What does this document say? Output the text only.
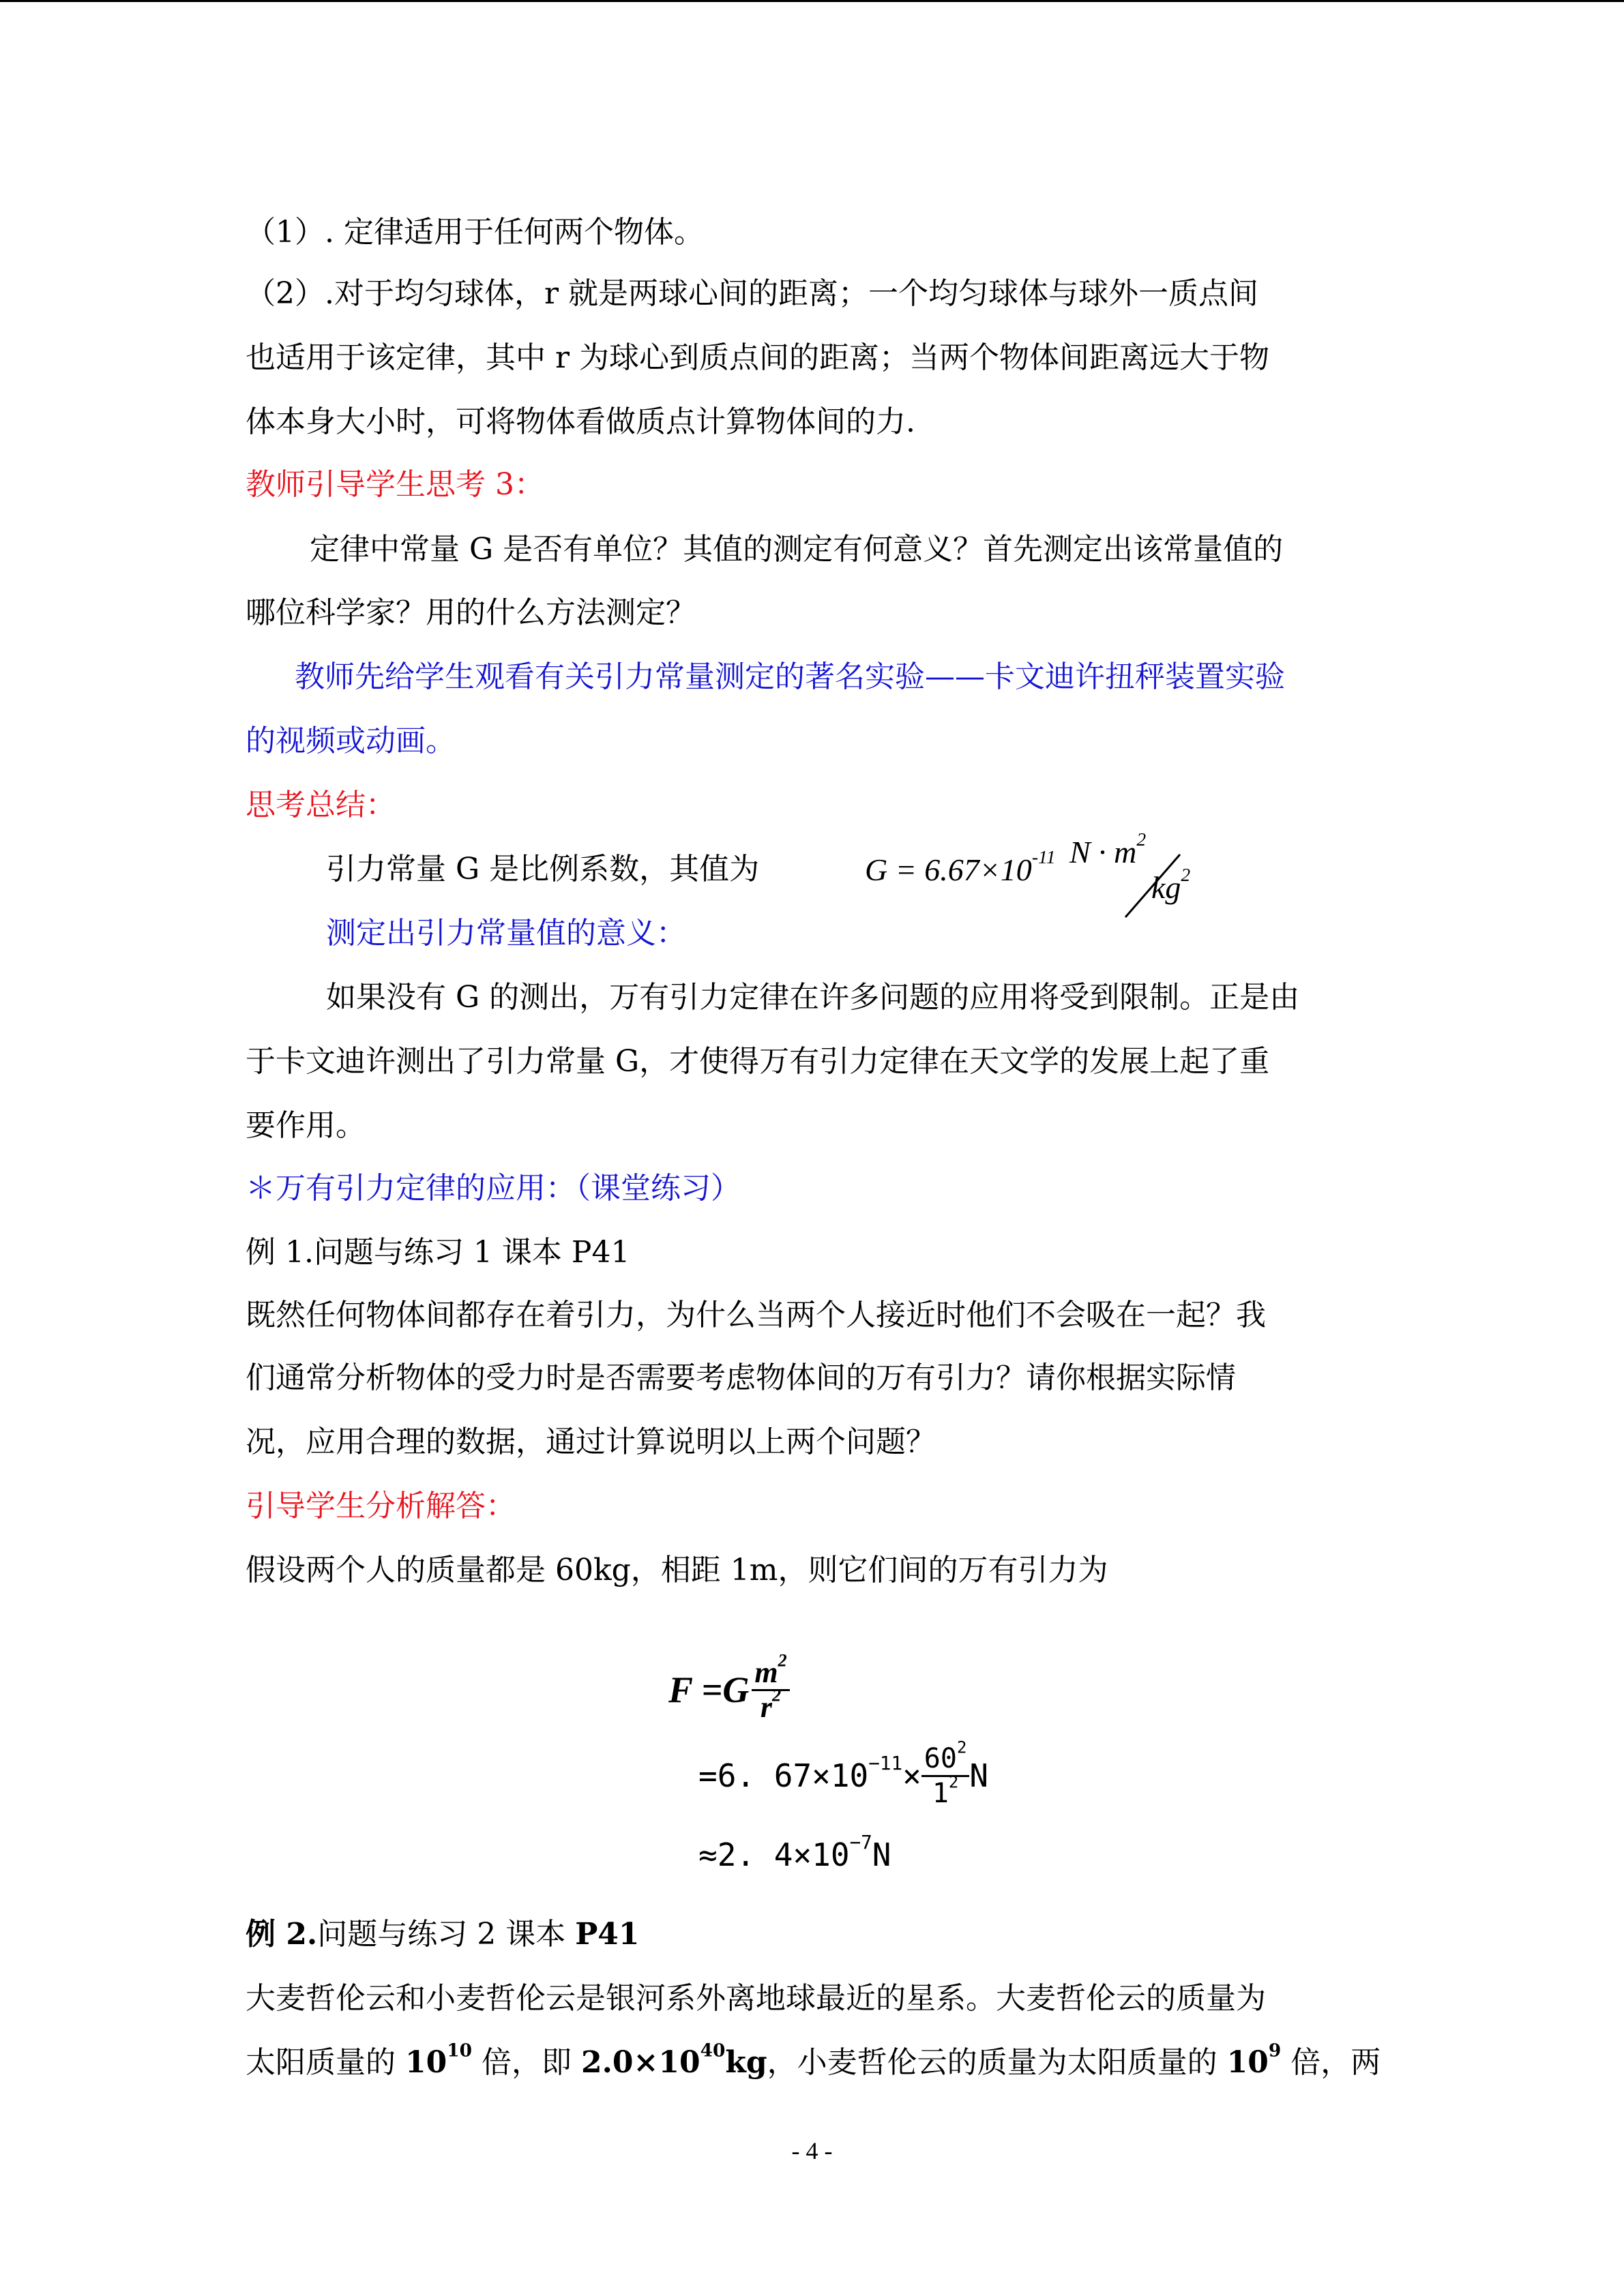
（1）. 定律适用于任何两个物体。

（2）.对于均匀球体，r 就是两球心间的距离；一个均匀球体与球外一质点间

也适用于该定律，其中 r 为球心到质点间的距离；当两个物体间距离远大于物

体本身大小时，可将物体看做质点计算物体间的力.

教师引导学生思考 3：

定律中常量 G 是否有单位？其值的测定有何意义？首先测定出该常量值的

哪位科学家？用的什么方法测定？

教师先给学生观看有关引力常量测定的著名实验——卡文迪许扭秤装置实验

的视频或动画。

思考总结：

引力常量 G 是比例系数，其值为	$G = 6.67\times 10^{-11}$ $N \cdot m^2$
$kg^2$

测定出引力常量值的意义：

如果没有 G 的测出，万有引力定律在许多问题的应用将受到限制。正是由

于卡文迪许测出了引力常量 G，才使得万有引力定律在天文学的发展上起了重

要作用。

＊万有引力定律的应用：（课堂练习）

例 1.问题与练习 1 课本 P41

既然任何物体间都存在着引力，为什么当两个人接近时他们不会吸在一起？我

们通常分析物体的受力时是否需要考虑物体间的万有引力？请你根据实际情

况，应用合理的数据，通过计算说明以上两个问题？

引导学生分析解答：

假设两个人的质量都是 60kg，相距 1m，则它们间的万有引力为

$F =G \frac{m^2}{r^2}$
=6. $67\times 10^{-11} \times \frac{60^2}{1^2}$ N
≈2. $4\times 10^{-7}$ N

例 2.问题与练习 2 课本 P41

大麦哲伦云和小麦哲伦云是银河系外离地球最近的星系。大麦哲伦云的质量为

太阳质量的 $10^{10}$ 倍，即 $2.0\times 10^{40}kg$，小麦哲伦云的质量为太阳质量的 $10^9$ 倍，两

- 4 -
